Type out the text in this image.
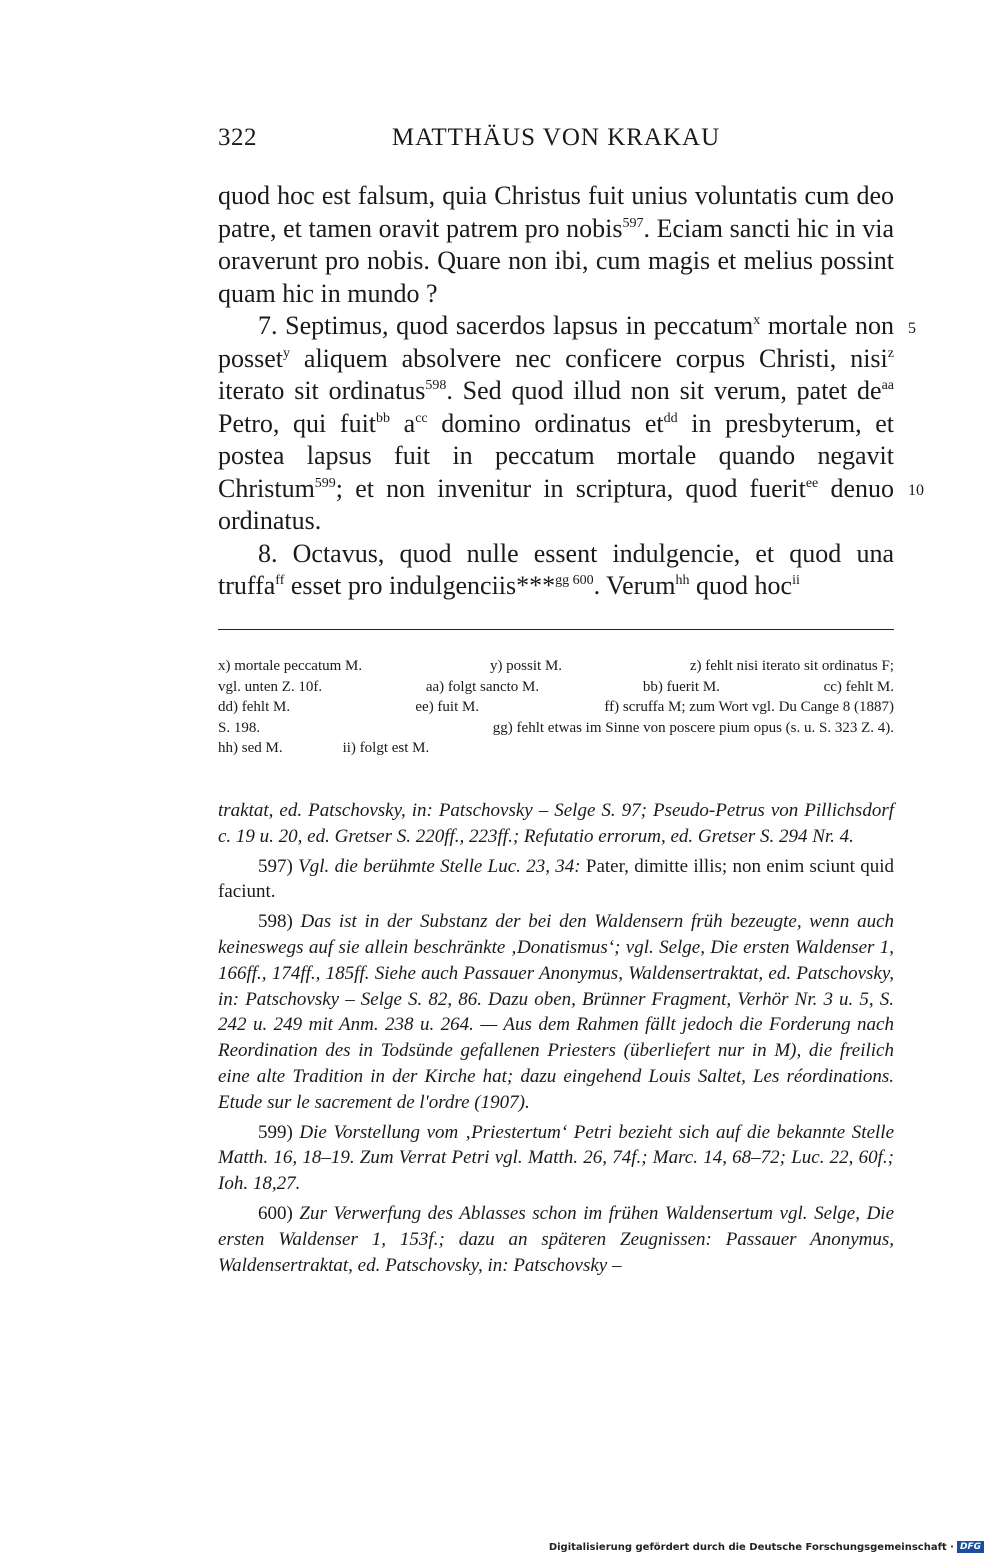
322	MATTHÄUS VON KRAKAU

quod hoc est falsum, quia Christus fuit unius voluntatis cum deo patre, et tamen oravit patrem pro nobis$^{597}$. Eciam sancti hic in via oraverunt pro nobis. Quare non ibi, cum magis et melius possint quam hic in mundo ?

7. Septimus, quod sacerdos lapsus in peccatum$^x$ mortale non posset$^y$ aliquem absolvere nec conficere corpus Christi, nisi$^z$ iterato sit ordinatus$^{598}$. Sed quod illud non sit verum, patet $de^{aa}$ Petro, qui fuit$^{bb}$ $a^{cc}$ domino ordinatus $et^{dd}$ in presbyterum, et postea lapsus fuit in peccatum mortale quando negavit Christum$^{599}$; et non invenitur in scriptura, quod fuerit$^{ee}$ denuo ordinatus.

8. Octavus, quod nulle essent indulgencie, et quod una truffa$^{ff}$ esset pro indulgenciis***$^{gg 600}$. Verum$^{hh}$ quod hoc$^{ii}$

5
10
x) mortale peccatum M.	y) possit M.	z) fehlt nisi iterato sit ordinatus F;
vgl. unten Z. 10f.	aa) folgt sancto M.	bb) fuerit M.	cc) fehlt M.
dd) fehlt M.	ee) fuit M.	ff) scruffa M; zum Wort vgl. Du Cange 8 (1887)
S. 198.	gg) fehlt etwas im Sinne von poscere pium opus (s. u. S. 323 Z. 4).
hh) sed M.	ii) folgt est M.

traktat, ed. Patschovsky, in: Patschovsky – Selge S. 97; Pseudo-Petrus von Pillichsdorf c. 19 u. 20, ed. Gretser S. 220ff., 223ff.; Refutatio errorum, ed. Gretser S. 294 Nr. 4.

597) Vgl. die berühmte Stelle Luc. 23, 34: Pater, dimitte illis; non enim sciunt quid faciunt.

598) Das ist in der Substanz der bei den Waldensern früh bezeugte, wenn auch keineswegs auf sie allein beschränkte ‚Donatismus‘; vgl. Selge, Die ersten Waldenser 1, 166ff., 174ff., 185ff. Siehe auch Passauer Anonymus, Waldensertraktat, ed. Patschovsky, in: Patschovsky – Selge S. 82, 86. Dazu oben, Brünner Fragment, Verhör Nr. 3 u. 5, S. 242 u. 249 mit Anm. 238 u. 264. — Aus dem Rahmen fällt jedoch die Forderung nach Reordination des in Todsünde gefallenen Priesters (überliefert nur in M), die freilich eine alte Tradition in der Kirche hat; dazu eingehend Louis Saltet, Les réordinations. Etude sur le sacrement de l'ordre (1907).

599) Die Vorstellung vom ‚Priestertum‘ Petri bezieht sich auf die bekannte Stelle Matth. 16, 18–19. Zum Verrat Petri vgl. Matth. 26, 74f.; Marc. 14, 68–72; Luc. 22, 60f.; Ioh. 18,27.

600) Zur Verwerfung des Ablasses schon im frühen Waldensertum vgl. Selge, Die ersten Waldenser 1, 153f.; dazu an späteren Zeugnissen: Passauer Anonymus, Waldensertraktat, ed. Patschovsky, in: Patschovsky –

Digitalisierung gefördert durch die Deutsche Forschungsgemeinschaft · DFG
